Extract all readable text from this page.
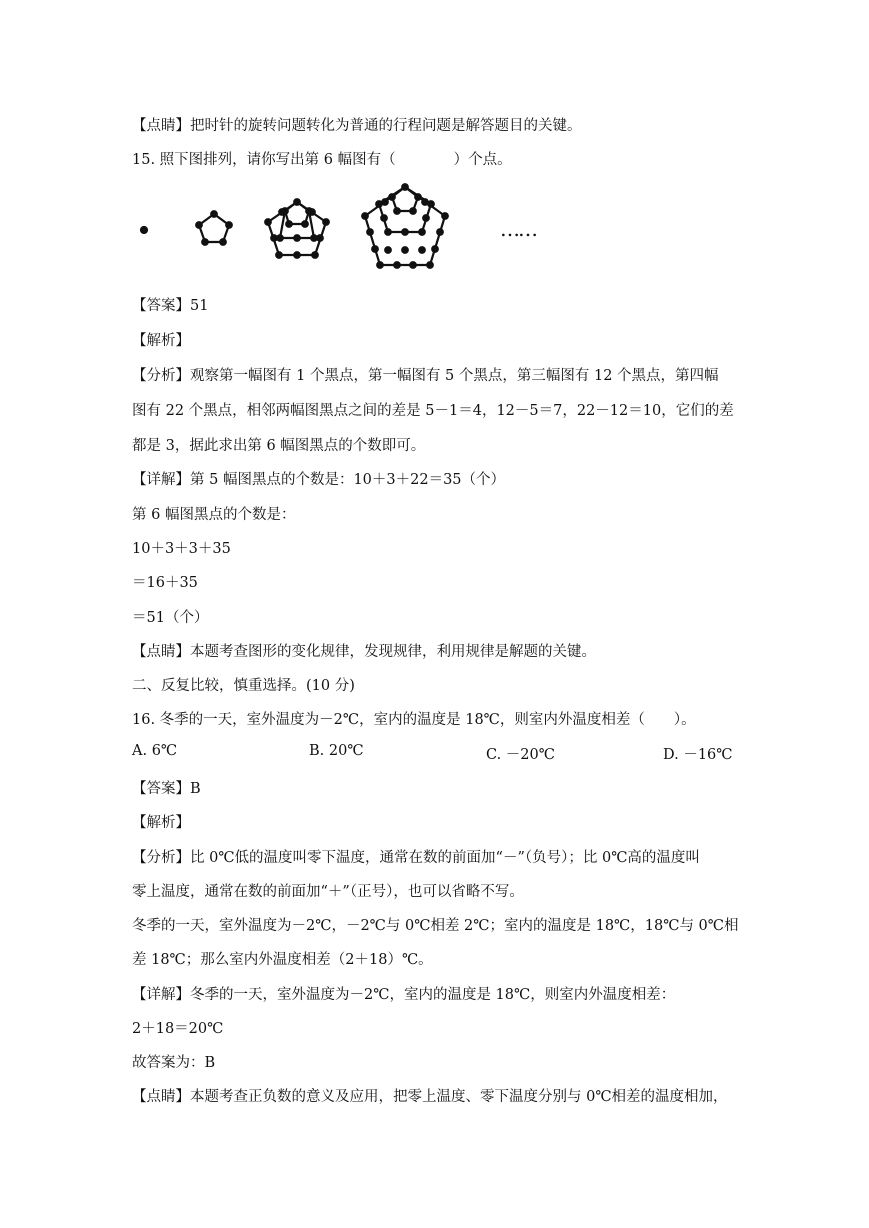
【点睛】把时针的旋转问题转化为普通的行程问题是解答题目的关键。
15. 照下图排列，请你写出第 6 幅图有（　　　　）个点。
……
【答案】51
【解析】
【分析】观察第一幅图有 1 个黑点，第一幅图有 5 个黑点，第三幅图有 12 个黑点，第四幅
图有 22 个黑点，相邻两幅图黑点之间的差是 5－1＝4，12－5＝7，22－12＝10，它们的差
都是 3，据此求出第 6 幅图黑点的个数即可。
【详解】第 5 幅图黑点的个数是：10＋3＋22＝35（个）
第 6 幅图黑点的个数是：
10＋3＋3＋35
＝16＋35
＝51（个）
【点睛】本题考查图形的变化规律，发现规律，利用规律是解题的关键。
二、反复比较，慎重选择。(10 分)
16. 冬季的一天，室外温度为－2℃，室内的温度是 18℃，则室内外温度相差（　　）。
A. 6℃	B. 20℃	C. －20℃	D. －16℃
【答案】B
【解析】
【分析】比 0℃低的温度叫零下温度，通常在数的前面加“－”（负号）；比 0℃高的温度叫
零上温度，通常在数的前面加“＋”（正号），也可以省略不写。
冬季的一天，室外温度为－2℃，－2℃与 0℃相差 2℃；室内的温度是 18℃，18℃与 0℃相
差 18℃；那么室内外温度相差（2＋18）℃。
【详解】冬季的一天，室外温度为－2℃，室内的温度是 18℃，则室内外温度相差：
2＋18＝20℃
故答案为：B
【点睛】本题考查正负数的意义及应用，把零上温度、零下温度分别与 0℃相差的温度相加，
